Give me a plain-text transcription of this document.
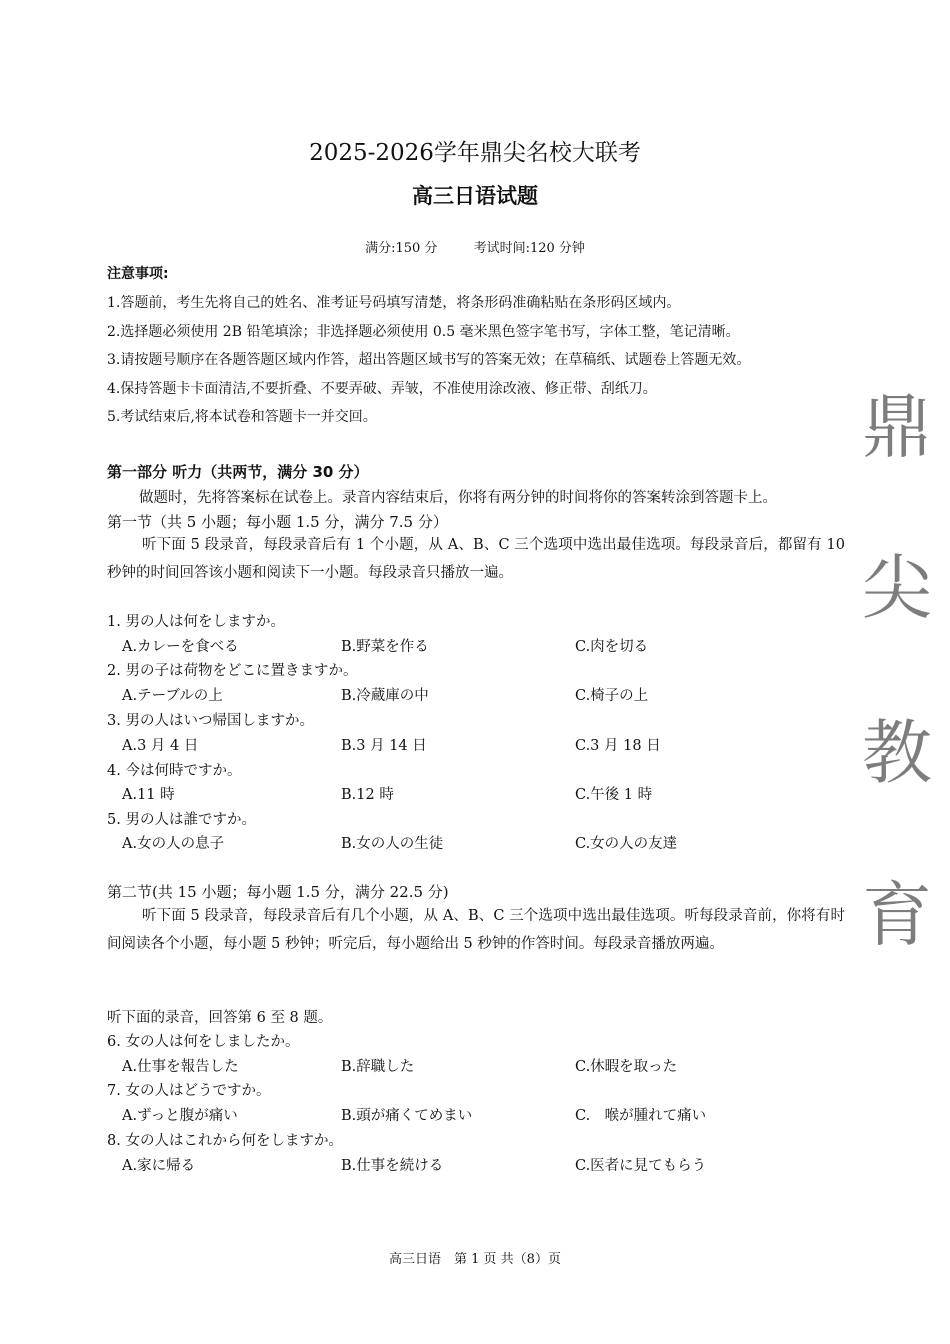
2025-2026学年鼎尖名校大联考
高三日语试题
满分:150 分	考试时间:120 分钟
注意事项:
1.答题前，考生先将自己的姓名、准考证号码填写清楚，将条形码准确粘贴在条形码区域内。
2.选择题必须使用 2B 铅笔填涂；非选择题必须使用 0.5 毫米黑色签字笔书写，字体工整，笔记清晰。
3.请按题号顺序在各题答题区域内作答，超出答题区域书写的答案无效；在草稿纸、试题卷上答题无效。
4.保持答题卡卡面清洁,不要折叠、不要弄破、弄皱，不准使用涂改液、修正带、刮纸刀。
5.考试结束后,将本试卷和答题卡一并交回。
第一部分 听力（共两节，满分 30 分）
做题时，先将答案标在试卷上。录音内容结束后，你将有两分钟的时间将你的答案转涂到答题卡上。
第一节（共 5 小题；每小题 1.5 分，满分 7.5 分）
听下面 5 段录音，每段录音后有 1 个小题，从 A、B、C 三个选项中选出最佳选项。每段录音后，都留有 10 秒钟的时间回答该小题和阅读下一小题。每段录音只播放一遍。
1. 男の人は何をしますか。
A.カレーを食べる	B.野菜を作る	C.肉を切る
2. 男の子は荷物をどこに置きますか。
A.テーブルの上	B.冷蔵庫の中	C.椅子の上
3. 男の人はいつ帰国しますか。
A.3 月 4 日	B.3 月 14 日	C.3 月 18 日
4. 今は何時ですか。
A.11 時	B.12 時	C.午後 1 時
5. 男の人は誰ですか。
A.女の人の息子	B.女の人の生徒	C.女の人の友達
第二节(共 15 小题；每小题 1.5 分，满分 22.5 分)
听下面 5 段录音，每段录音后有几个小题，从 A、B、C 三个选项中选出最佳选项。听每段录音前，你将有时间阅读各个小题，每小题 5 秒钟；听完后，每小题给出 5 秒钟的作答时间。每段录音播放两遍。
听下面的录音，回答第 6 至 8 题。
6. 女の人は何をしましたか。
A.仕事を報告した	B.辞職した	C.休暇を取った
7. 女の人はどうですか。
A.ずっと腹が痛い	B.頭が痛くてめまい	C.　喉が腫れて痛い
8. 女の人はこれから何をしますか。
A.家に帰る	B.仕事を続ける	C.医者に見てもらう
鼎
尖
教
育
高三日语　第 1 页 共（8）页
